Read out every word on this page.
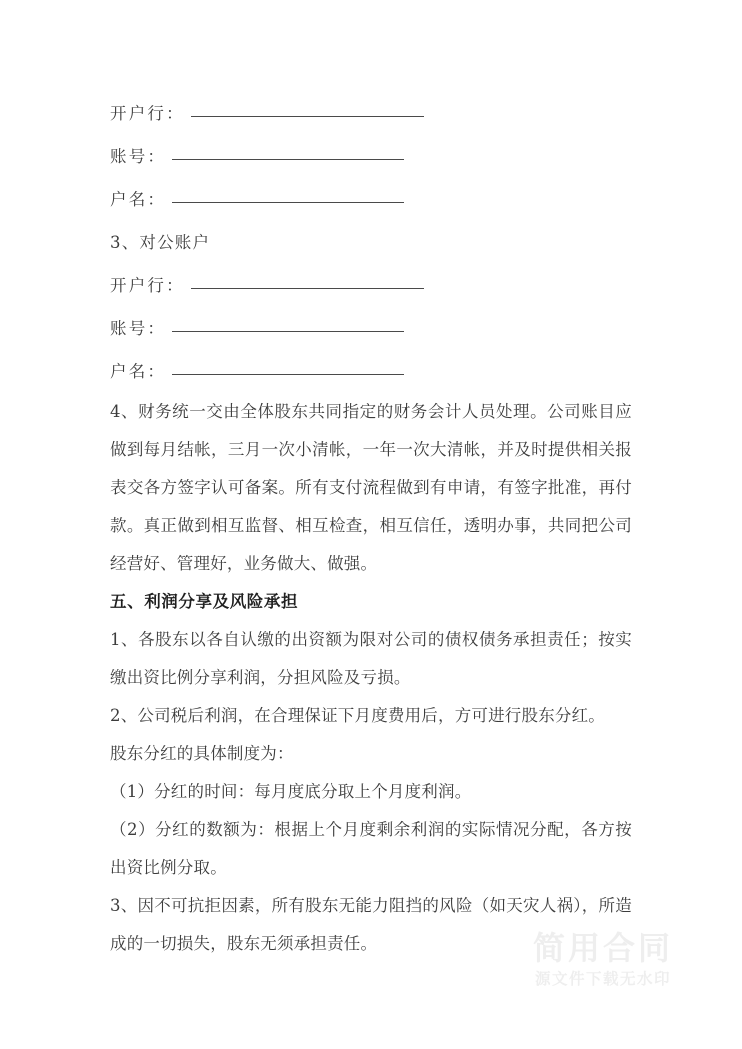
开户行：
账号：
户名：
3、对公账户
开户行：
账号：
户名：

4、财务统一交由全体股东共同指定的财务会计人员处理。公司账目应做到每月结帐，三月一次小清帐，一年一次大清帐，并及时提供相关报表交各方签字认可备案。所有支付流程做到有申请，有签字批准，再付款。真正做到相互监督、相互检查，相互信任，透明办事，共同把公司经营好、管理好，业务做大、做强。

五、利润分享及风险承担

1、各股东以各自认缴的出资额为限对公司的债权债务承担责任；按实缴出资比例分享利润，分担风险及亏损。

2、公司税后利润，在合理保证下月度费用后，方可进行股东分红。

股东分红的具体制度为：

（1）分红的时间：每月度底分取上个月度利润。

（2）分红的数额为：根据上个月度剩余利润的实际情况分配，各方按出资比例分取。

3、因不可抗拒因素，所有股东无能力阻挡的风险（如天灾人祸），所造成的一切损失，股东无须承担责任。	简用合同
源文件下载无水印
